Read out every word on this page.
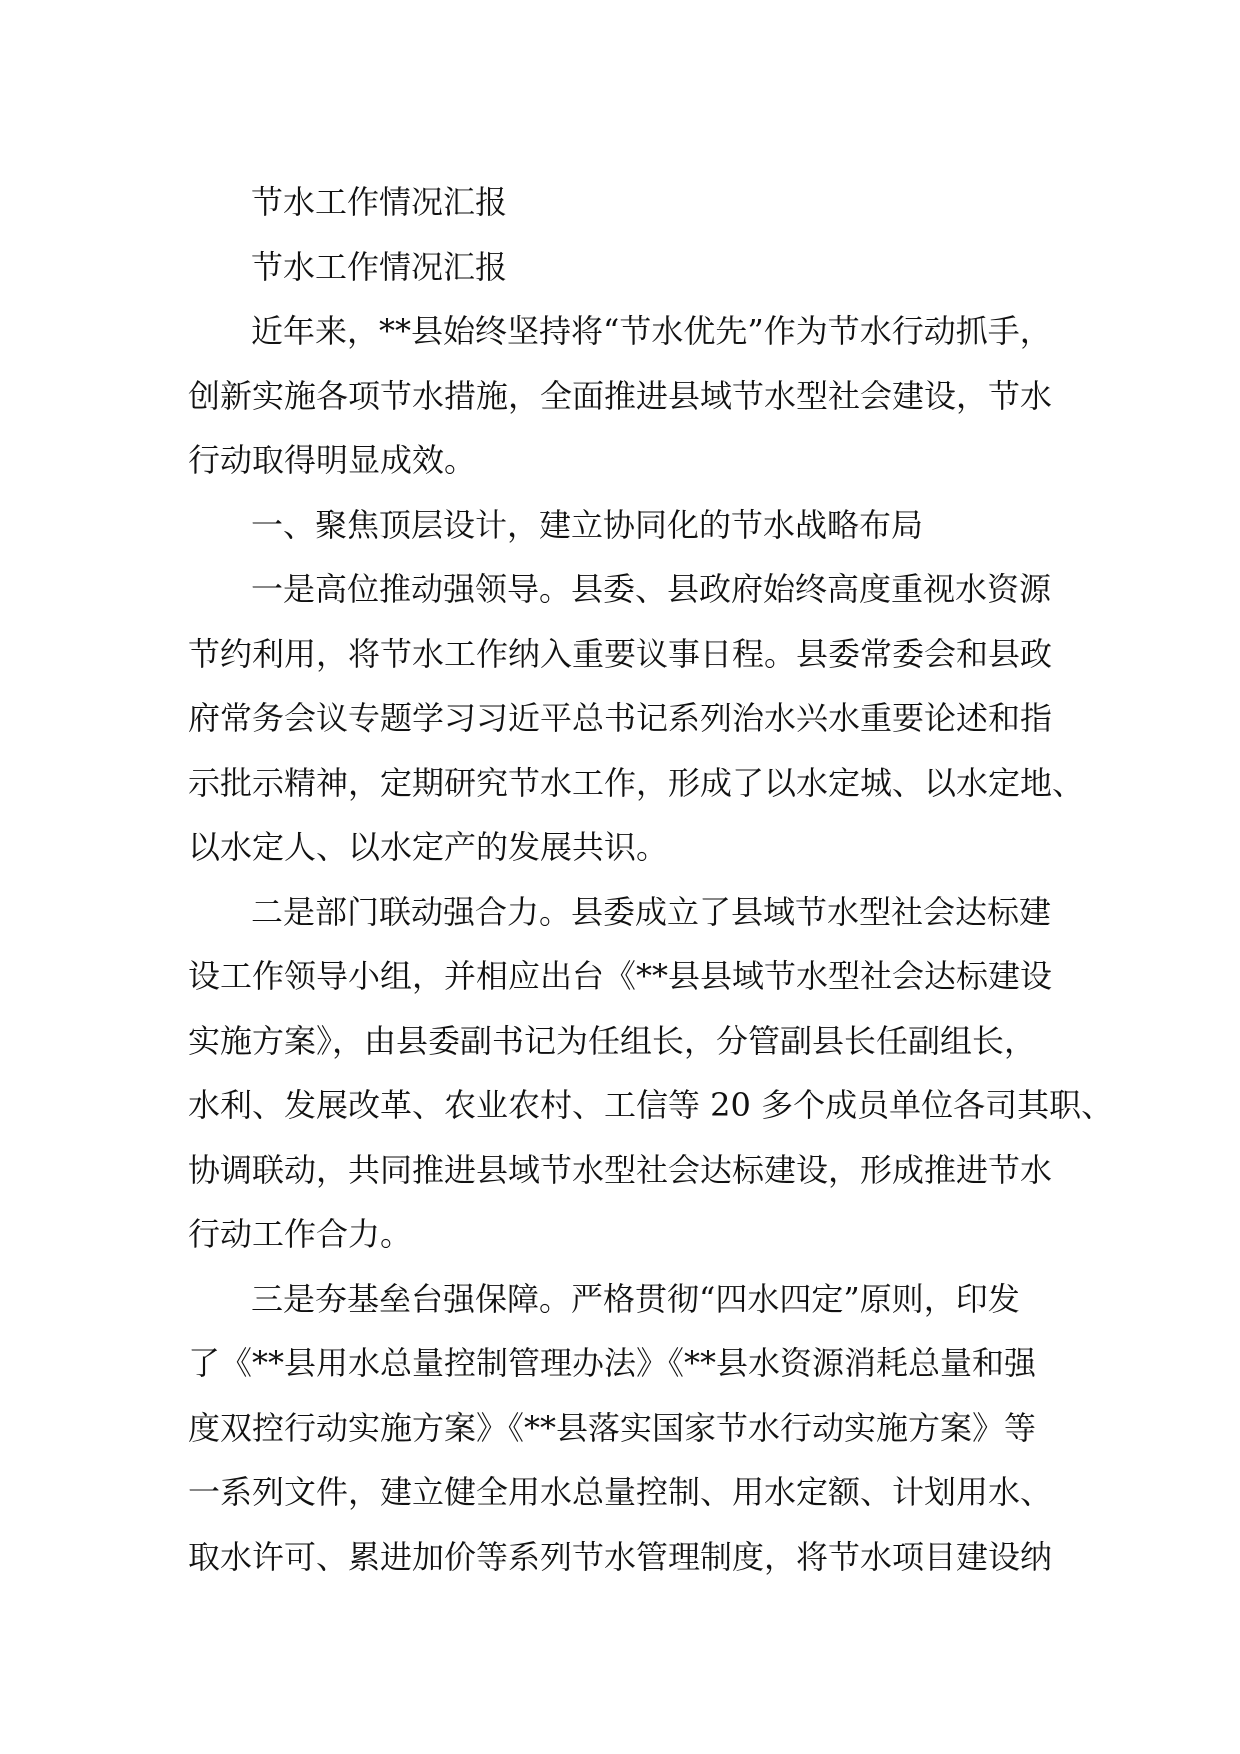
节水工作情况汇报
节水工作情况汇报
近年来，**县始终坚持将“节水优先”作为节水行动抓手，
创新实施各项节水措施，全面推进县域节水型社会建设，节水
行动取得明显成效。
一、聚焦顶层设计，建立协同化的节水战略布局
一是高位推动强领导。县委、县政府始终高度重视水资源
节约利用，将节水工作纳入重要议事日程。县委常委会和县政
府常务会议专题学习习近平总书记系列治水兴水重要论述和指
示批示精神，定期研究节水工作，形成了以水定城、以水定地、
以水定人、以水定产的发展共识。
二是部门联动强合力。县委成立了县域节水型社会达标建
设工作领导小组，并相应出台《**县县域节水型社会达标建设
实施方案》，由县委副书记为任组长，分管副县长任副组长，
水利、发展改革、农业农村、工信等 20 多个成员单位各司其职、
协调联动，共同推进县域节水型社会达标建设，形成推进节水
行动工作合力。
三是夯基垒台强保障。严格贯彻“四水四定”原则，印发
了《**县用水总量控制管理办法》《**县水资源消耗总量和强
度双控行动实施方案》《**县落实国家节水行动实施方案》等
一系列文件，建立健全用水总量控制、用水定额、计划用水、
取水许可、累进加价等系列节水管理制度，将节水项目建设纳
